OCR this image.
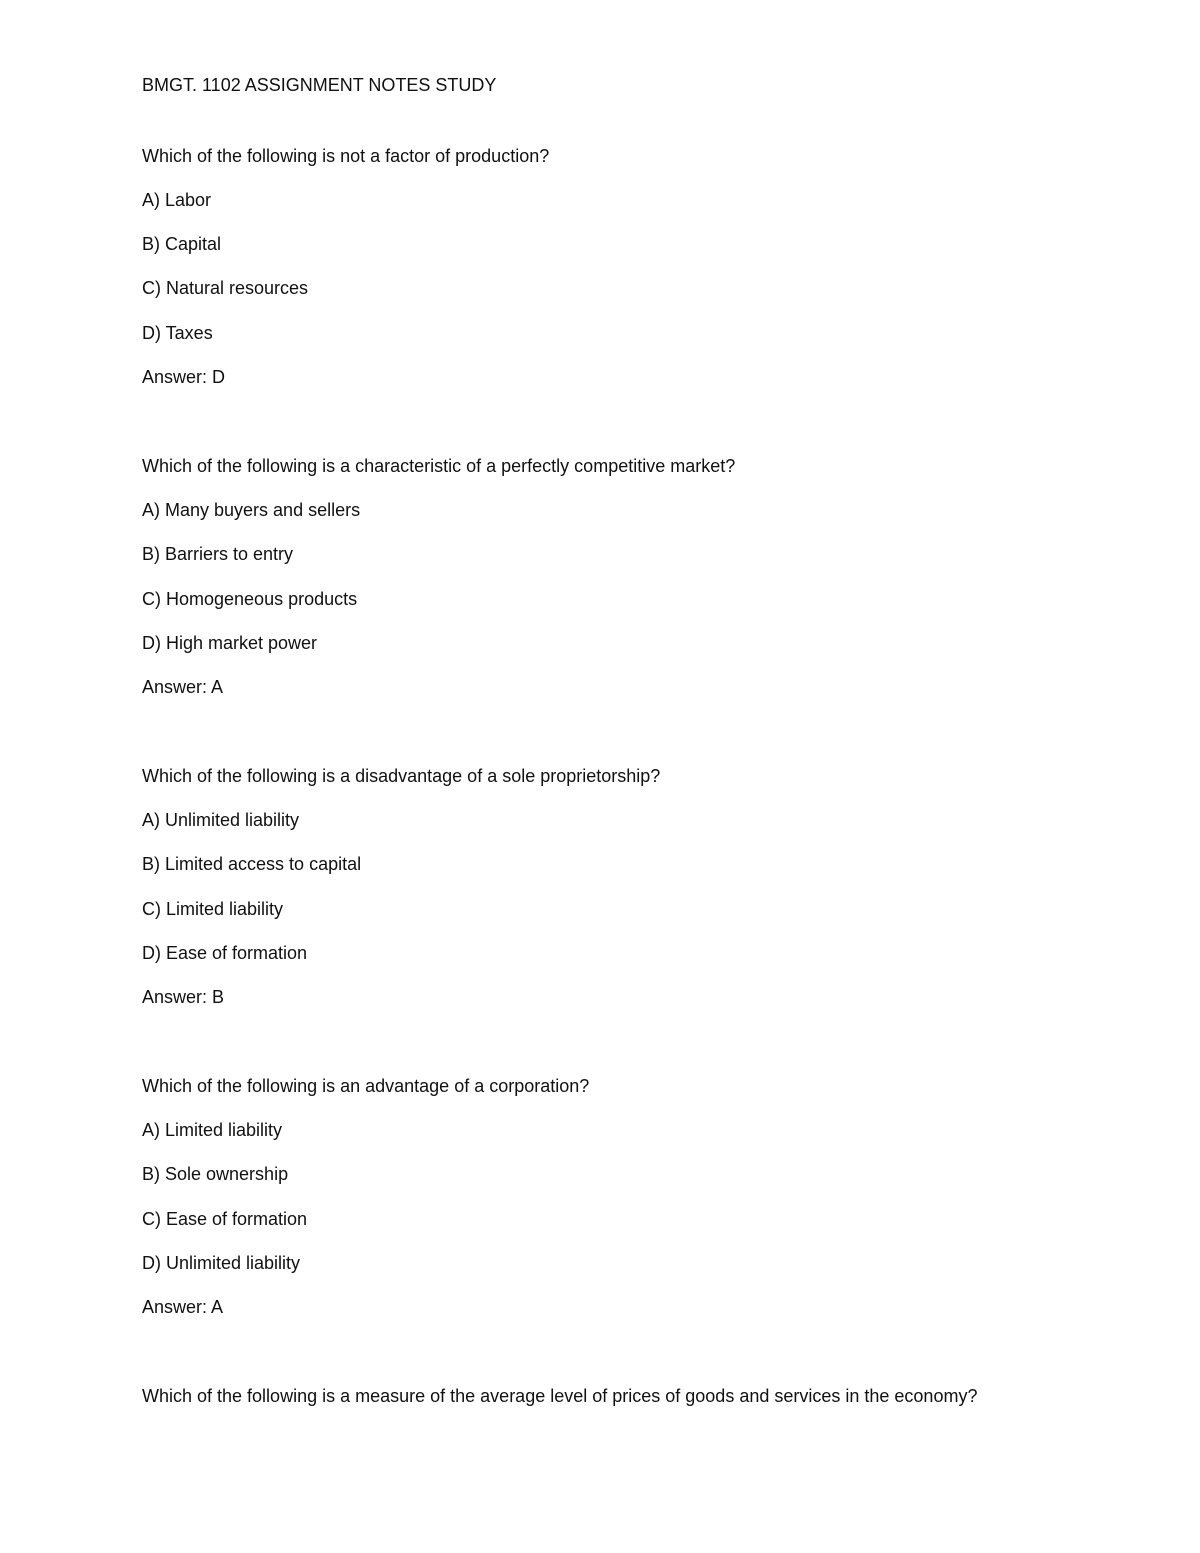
BMGT. 1102 ASSIGNMENT NOTES STUDY
Which of the following is not a factor of production?
A) Labor
B) Capital
C) Natural resources
D) Taxes
Answer: D
Which of the following is a characteristic of a perfectly competitive market?
A) Many buyers and sellers
B) Barriers to entry
C) Homogeneous products
D) High market power
Answer: A
Which of the following is a disadvantage of a sole proprietorship?
A) Unlimited liability
B) Limited access to capital
C) Limited liability
D) Ease of formation
Answer: B
Which of the following is an advantage of a corporation?
A) Limited liability
B) Sole ownership
C) Ease of formation
D) Unlimited liability
Answer: A
Which of the following is a measure of the average level of prices of goods and services in the economy?
